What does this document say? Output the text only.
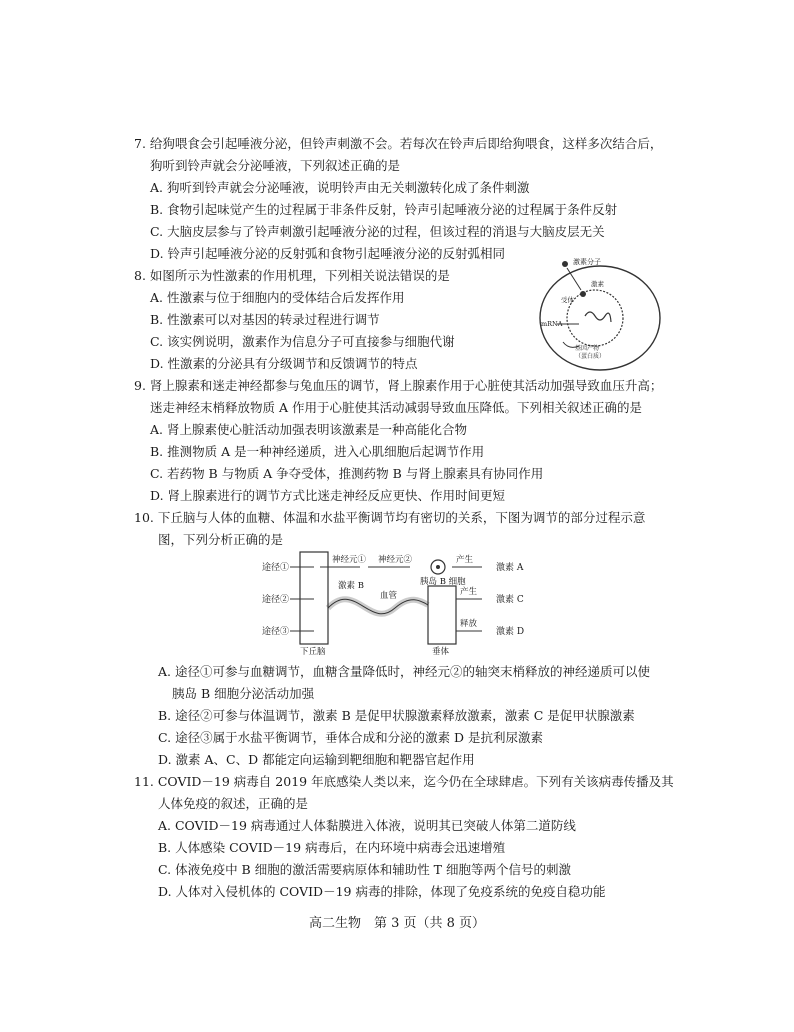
7. 给狗喂食会引起唾液分泌，但铃声刺激不会。若每次在铃声后即给狗喂食，这样多次结合后，
狗听到铃声就会分泌唾液，下列叙述正确的是
A. 狗听到铃声就会分泌唾液，说明铃声由无关刺激转化成了条件刺激
B. 食物引起味觉产生的过程属于非条件反射，铃声引起唾液分泌的过程属于条件反射
C. 大脑皮层参与了铃声刺激引起唾液分泌的过程，但该过程的消退与大脑皮层无关
D. 铃声引起唾液分泌的反射弧和食物引起唾液分泌的反射弧相同
8. 如图所示为性激素的作用机理，下列相关说法错误的是
A. 性激素与位于细胞内的受体结合后发挥作用
B. 性激素可以对基因的转录过程进行调节
C. 该实例说明，激素作为信息分子可直接参与细胞代谢
D. 性激素的分泌具有分级调节和反馈调节的特点
激素分子
激素
受体
mRNA
基因产物
（蛋白质）
9. 肾上腺素和迷走神经都参与兔血压的调节，肾上腺素作用于心脏使其活动加强导致血压升高；
迷走神经末梢释放物质 A 作用于心脏使其活动减弱导致血压降低。下列相关叙述正确的是
A. 肾上腺素使心脏活动加强表明该激素是一种高能化合物
B. 推测物质 A 是一种神经递质，进入心肌细胞后起调节作用
C. 若药物 B 与物质 A 争夺受体，推测药物 B 与肾上腺素具有协同作用
D. 肾上腺素进行的调节方式比迷走神经反应更快、作用时间更短
10. 下丘脑与人体的血糖、体温和水盐平衡调节均有密切的关系，下图为调节的部分过程示意
图，下列分析正确的是
途径①
途径②
途径③
神经元① 神经元②	产生
激素 A
激素 B
血管
胰岛 B 细胞
产生
激素 C
释放
激素 D
下丘脑	垂体
A. 途径①可参与血糖调节，血糖含量降低时，神经元②的轴突末梢释放的神经递质可以使
胰岛 B 细胞分泌活动加强
B. 途径②可参与体温调节，激素 B 是促甲状腺激素释放激素，激素 C 是促甲状腺激素
C. 途径③属于水盐平衡调节，垂体合成和分泌的激素 D 是抗利尿激素
D. 激素 A、C、D 都能定向运输到靶细胞和靶器官起作用
11. COVID－19 病毒自 2019 年底感染人类以来，迄今仍在全球肆虐。下列有关该病毒传播及其
人体免疫的叙述，正确的是
A. COVID－19 病毒通过人体黏膜进入体液，说明其已突破人体第二道防线
B. 人体感染 COVID－19 病毒后，在内环境中病毒会迅速增殖
C. 体液免疫中 B 细胞的激活需要病原体和辅助性 T 细胞等两个信号的刺激
D. 人体对入侵机体的 COVID－19 病毒的排除，体现了免疫系统的免疫自稳功能
高二生物　第 3 页（共 8 页）
